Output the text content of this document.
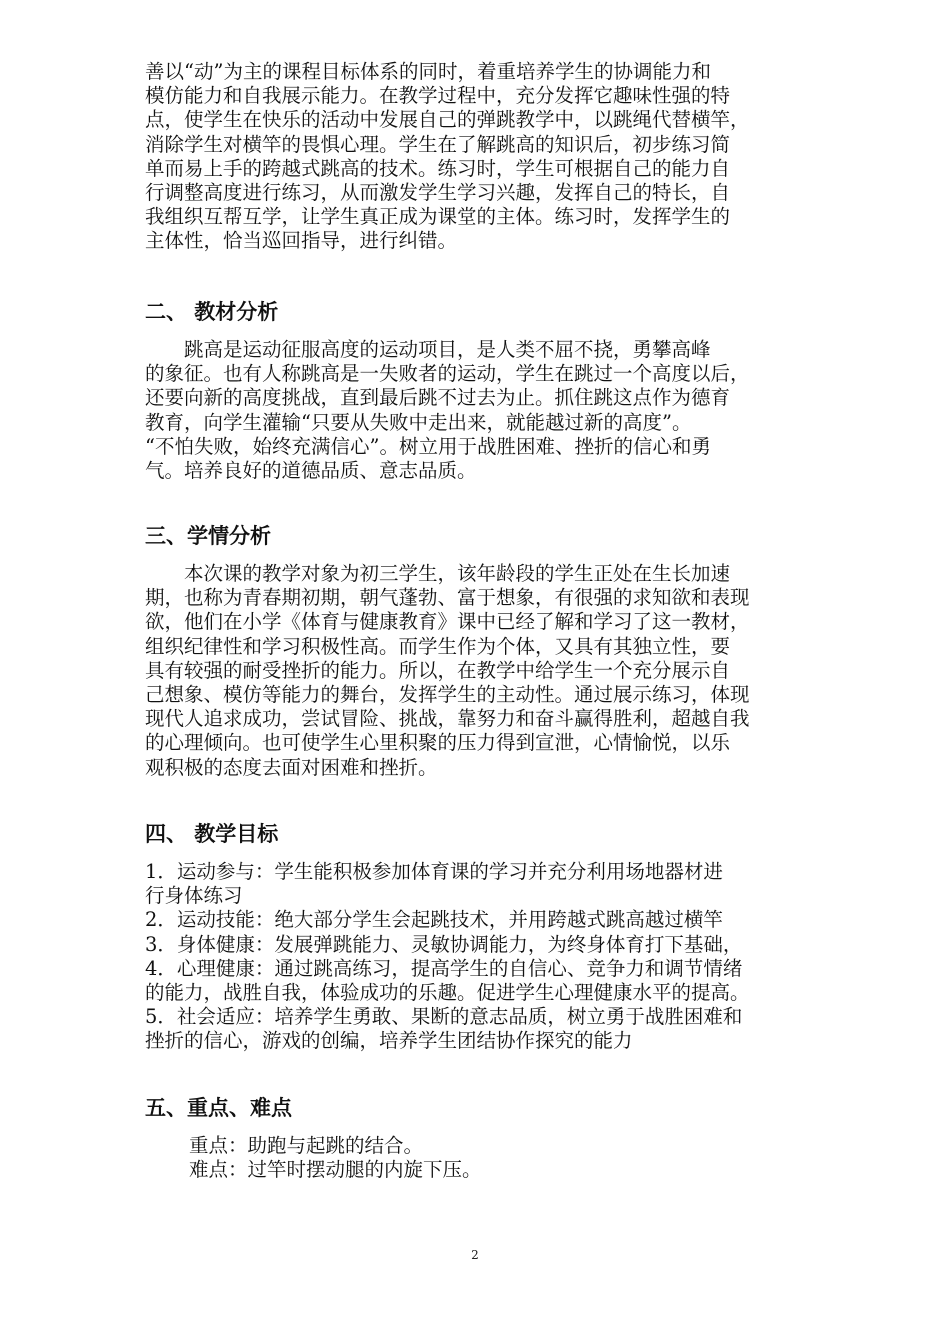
善以“动”为主的课程目标体系的同时，着重培养学生的协调能力和

模仿能力和自我展示能力。在教学过程中，充分发挥它趣味性强的特

点，使学生在快乐的活动中发展自己的弹跳教学中，以跳绳代替横竿，

消除学生对横竿的畏惧心理。学生在了解跳高的知识后，初步练习简

单而易上手的跨越式跳高的技术。练习时，学生可根据自己的能力自

行调整高度进行练习，从而激发学生学习兴趣，发挥自己的特长，自

我组织互帮互学，让学生真正成为课堂的主体。练习时，发挥学生的

主体性，恰当巡回指导，进行纠错。

二、 教材分析

　　跳高是运动征服高度的运动项目，是人类不屈不挠，勇攀高峰

的象征。也有人称跳高是一失败者的运动，学生在跳过一个高度以后，

还要向新的高度挑战，直到最后跳不过去为止。抓住跳这点作为德育

教育，向学生灌输“只要从失败中走出来，就能越过新的高度”。

“不怕失败，始终充满信心”。树立用于战胜困难、挫折的信心和勇

气。培养良好的道德品质、意志品质。

三、学情分析

　　本次课的教学对象为初三学生，该年龄段的学生正处在生长加速

期，也称为青春期初期，朝气蓬勃、富于想象，有很强的求知欲和表现

欲，他们在小学《体育与健康教育》课中已经了解和学习了这一教材，

组织纪律性和学习积极性高。而学生作为个体，又具有其独立性，要

具有较强的耐受挫折的能力。所以，在教学中给学生一个充分展示自

己想象、模仿等能力的舞台，发挥学生的主动性。通过展示练习，体现

现代人追求成功，尝试冒险、挑战，靠努力和奋斗赢得胜利，超越自我

的心理倾向。也可使学生心里积聚的压力得到宣泄，心情愉悦，以乐

观积极的态度去面对困难和挫折。

四、 教学目标

1．运动参与：学生能积极参加体育课的学习并充分利用场地器材进

行身体练习

2．运动技能：绝大部分学生会起跳技术，并用跨越式跳高越过横竿

3．身体健康：发展弹跳能力、灵敏协调能力，为终身体育打下基础，

4．心理健康：通过跳高练习，提高学生的自信心、竞争力和调节情绪

的能力，战胜自我，体验成功的乐趣。促进学生心理健康水平的提高。

5．社会适应：培养学生勇敢、果断的意志品质，树立勇于战胜困难和

挫折的信心，游戏的创编，培养学生团结协作探究的能力

五、重点、难点

重点：助跑与起跳的结合。

难点：过竿时摆动腿的内旋下压。

2
